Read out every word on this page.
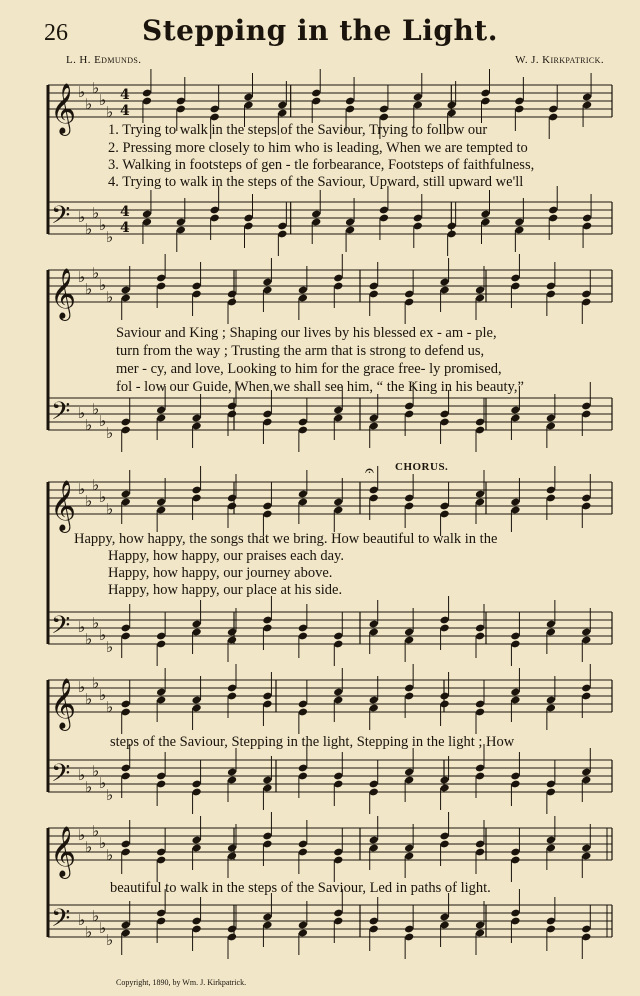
𝄞 ♭
♭
♭
♭
♭
𝄢 ♭
♭
♭
♭
♭
4
4
4
4
𝄞 ♭
♭
♭
♭
♭
𝄢 ♭
♭
♭
♭
♭
𝄞 ♭
♭
♭
♭
♭
𝄢 ♭
♭
♭
♭
♭
𝄞 ♭
♭
♭
♭
♭
𝄢 ♭
♭
♭
♭
♭
𝄞 ♭
♭
♭
♭
♭
𝄢 ♭
♭
♭
♭
♭
𝄐
26	Stepping in the Light.
L. H. Edmunds.	W. J. Kirkpatrick.
1. Trying to walk in the steps of the Saviour, Trying to follow our
2. Pressing more closely to him who is leading, When we are tempted to
3. Walking in footsteps of gen - tle forbearance, Footsteps of faithfulness,
4. Trying to walk in the steps of the Saviour, Upward, still upward we'll
Saviour and King ; Shaping our lives by his blessed ex - am - ple,
turn from the way ; Trusting the arm that is strong to defend us,
mer - cy, and love, Looking to him for the grace free- ly promised,
fol - low our Guide, When we shall see him, “ the King in his beauty,”
CHORUS.
Happy, how happy, the songs that we bring. How beautiful to walk in the
Happy, how happy, our praises each day.
Happy, how happy, our journey above.
Happy, how happy, our place at his side.
steps of the Saviour, Stepping in the light, Stepping in the light ; How
beautiful to walk in the steps of the Saviour, Led in paths of light.
Copyright, 1890, by Wm. J. Kirkpatrick.
